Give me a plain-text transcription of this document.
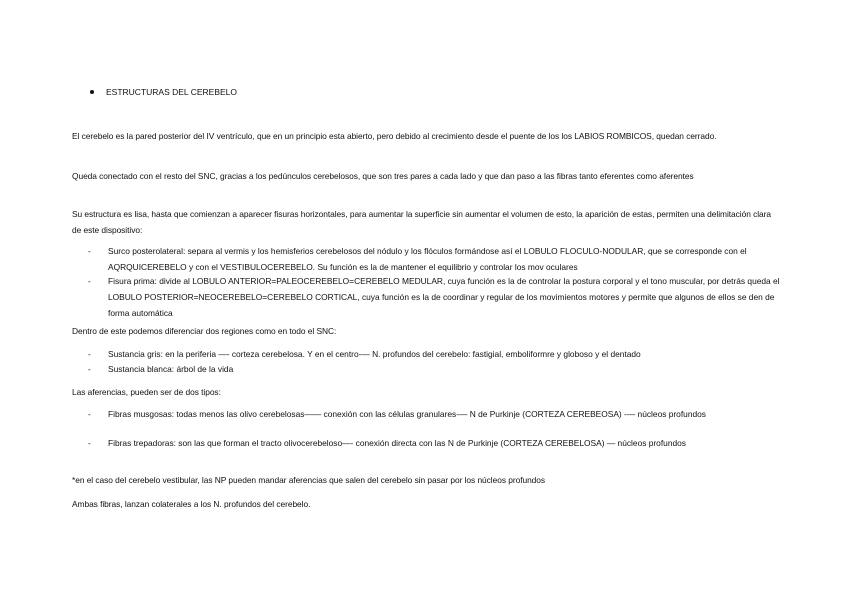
ESTRUCTURAS DEL CEREBELO
El cerebelo es la pared posterior del IV ventrículo, que en un principio esta abierto, pero debido al crecimiento desde el puente de los los LABIOS ROMBICOS, quedan cerrado.
Queda conectado con el resto del SNC, gracias a los pedúnculos cerebelosos, que son tres pares a cada lado y que dan paso a las fibras tanto eferentes como aferentes
Su estructura es lisa, hasta que comienzan a aparecer fisuras horizontales, para aumentar la superficie sin aumentar el volumen de esto, la aparición de estas, permiten una delimitación clara de este dispositivo:
- Surco posterolateral: separa al vermis y los hemisferios cerebelosos del nódulo y los flóculos formándose así el LOBULO FLOCULO-NODULAR, que se corresponde con el AQRQUICEREBELO y con el VESTIBULOCEREBELO. Su función es la de mantener el equilibrio y controlar los mov oculares
- Fisura prima: divide al LOBULO ANTERIOR=PALEOCEREBELO=CEREBELO MEDULAR, cuya función es la de controlar la postura corporal y el tono muscular, por detrás queda el LOBULO POSTERIOR=NEOCEREBELO=CEREBELO CORTICAL, cuya función es la de coordinar y regular de los movimientos motores y permite que algunos de ellos se den de forma automática
Dentro de este podemos diferenciar dos regiones como en todo el SNC:
- Sustancia gris: en la periferia —- corteza cerebelosa. Y en el centro-— N. profundos del cerebelo: fastigial, emboliformre y globoso y el dentado
- Sustancia blanca: árbol de la vida
Las aferencias, pueden ser de dos tipos:
- Fibras musgosas: todas menos las olivo cerebelosas—— conexión con las células granulares-— N de Purkinje (CORTEZA CEREBEOSA) -— núcleos profundos
- Fibras trepadoras: son las que forman el tracto olivocerebeloso—- conexión directa con las N de Purkinje (CORTEZA CEREBELOSA) — núcleos profundos
*en el caso del cerebelo vestibular, las NP pueden mandar aferencias que salen del cerebelo sin pasar por los núcleos profundos
Ambas fibras, lanzan colaterales a los N. profundos del cerebelo.
